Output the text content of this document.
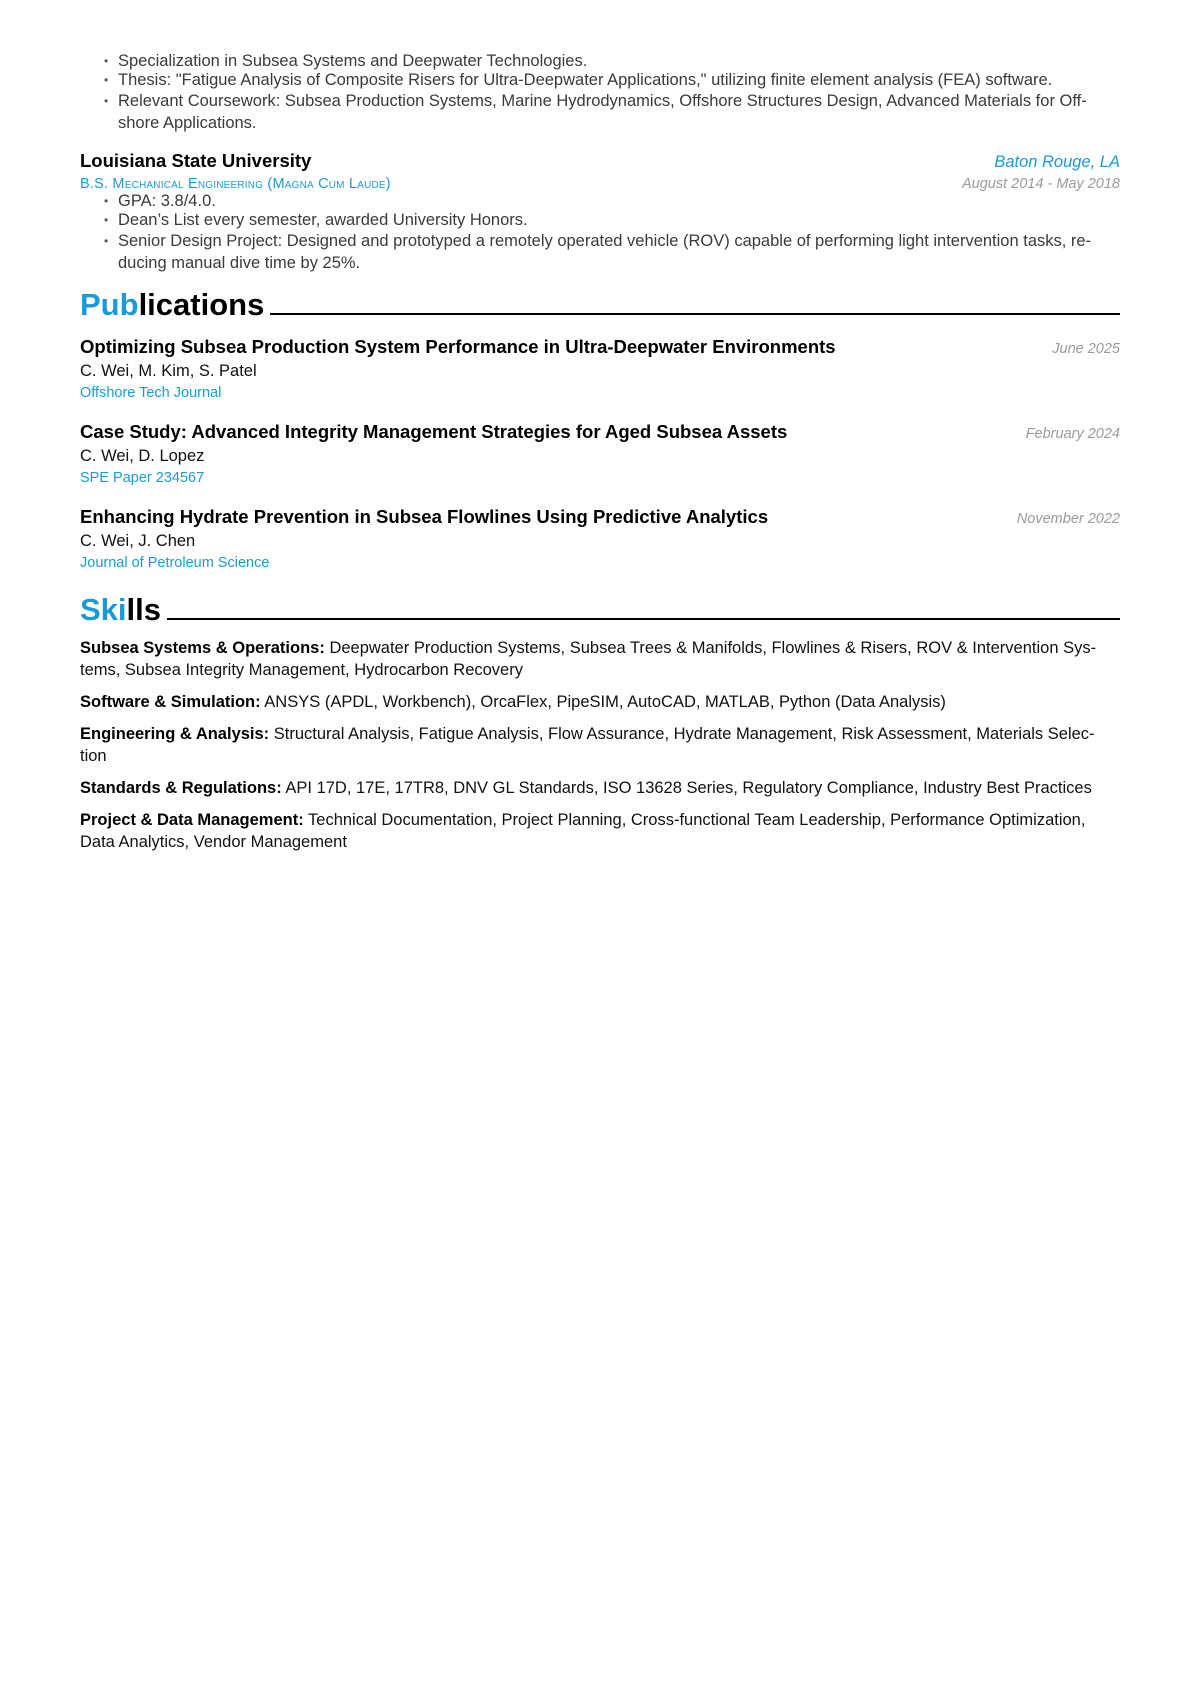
• Specialization in Subsea Systems and Deepwater Technologies.
• Thesis: "Fatigue Analysis of Composite Risers for Ultra-Deepwater Applications," utilizing finite element analysis (FEA) software.
• Relevant Coursework: Subsea Production Systems, Marine Hydrodynamics, Offshore Structures Design, Advanced Materials for Off-shore Applications.
Louisiana State University	Baton Rouge, LA
B.S. Mechanical Engineering (Magna Cum Laude)	August 2014 - May 2018
• GPA: 3.8/4.0.
• Dean’s List every semester, awarded University Honors.
• Senior Design Project: Designed and prototyped a remotely operated vehicle (ROV) capable of performing light intervention tasks, re-ducing manual dive time by 25%.
Publications
Optimizing Subsea Production System Performance in Ultra-Deepwater Environments	June 2025
C. Wei, M. Kim, S. Patel
Offshore Tech Journal
Case Study: Advanced Integrity Management Strategies for Aged Subsea Assets	February 2024
C. Wei, D. Lopez
SPE Paper 234567
Enhancing Hydrate Prevention in Subsea Flowlines Using Predictive Analytics	November 2022
C. Wei, J. Chen
Journal of Petroleum Science
Skills
Subsea Systems & Operations: Deepwater Production Systems, Subsea Trees & Manifolds, Flowlines & Risers, ROV & Intervention Sys-tems, Subsea Integrity Management, Hydrocarbon Recovery
Software & Simulation: ANSYS (APDL, Workbench), OrcaFlex, PipeSIM, AutoCAD, MATLAB, Python (Data Analysis)
Engineering & Analysis: Structural Analysis, Fatigue Analysis, Flow Assurance, Hydrate Management, Risk Assessment, Materials Selec-tion
Standards & Regulations: API 17D, 17E, 17TR8, DNV GL Standards, ISO 13628 Series, Regulatory Compliance, Industry Best Practices
Project & Data Management: Technical Documentation, Project Planning, Cross-functional Team Leadership, Performance Optimization, Data Analytics, Vendor Management
